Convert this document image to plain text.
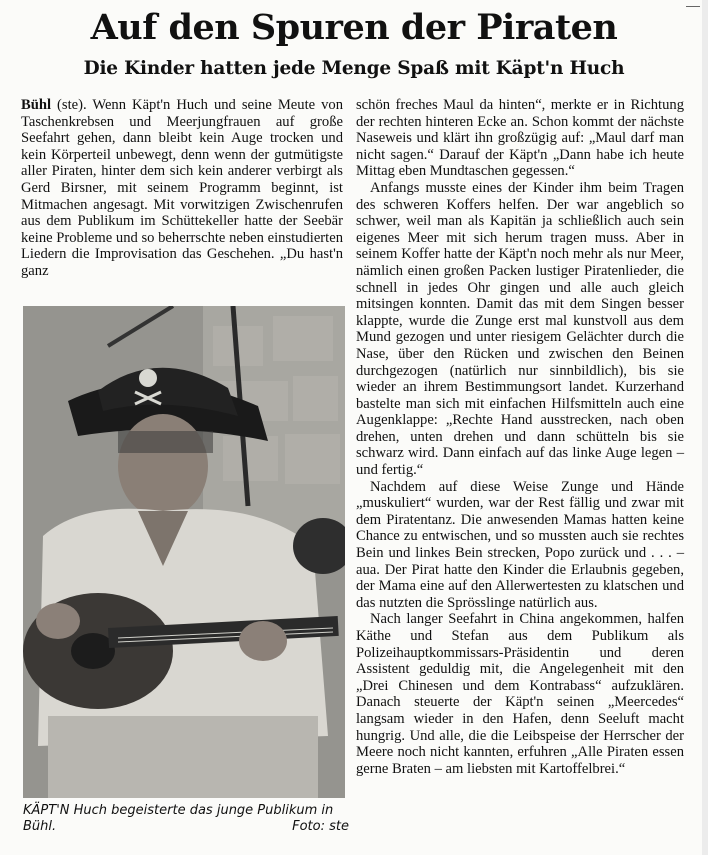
Auf den Spuren der Piraten
Die Kinder hatten jede Menge Spaß mit Käpt'n Huch

Bühl (ste). Wenn Käpt'n Huch und seine Meute von Taschenkrebsen und Meerjungfrauen auf große Seefahrt gehen, dann bleibt kein Auge trocken und kein Körperteil unbewegt, denn wenn der gutmütigste aller Piraten, hinter dem sich kein anderer verbirgt als Gerd Birsner, mit seinem Programm beginnt, ist Mitmachen angesagt. Mit vorwitzigen Zwischenrufen aus dem Publikum im Schüttekeller hatte der Seebär keine Probleme und so beherrschte neben einstudierten Liedern die Improvisation das Geschehen. „Du hast'n ganz

KÄPT'N Huch begeisterte das junge Publikum in
Bühl.	Foto: ste

schön freches Maul da hinten“, merkte er in Richtung der rechten hinteren Ecke an. Schon kommt der nächste Naseweis und klärt ihn großzügig auf: „Maul darf man nicht sagen.“ Darauf der Käpt'n „Dann habe ich heute Mittag eben Mundtaschen gegessen.“

Anfangs musste eines der Kinder ihm beim Tragen des schweren Koffers helfen. Der war angeblich so schwer, weil man als Kapitän ja schließlich auch sein eigenes Meer mit sich herum tragen muss. Aber in seinem Koffer hatte der Käpt'n noch mehr als nur Meer, nämlich einen großen Packen lustiger Piratenlieder, die schnell in jedes Ohr gingen und alle auch gleich mitsingen konnten. Damit das mit dem Singen besser klappte, wurde die Zunge erst mal kunstvoll aus dem Mund gezogen und unter riesigem Gelächter durch die Nase, über den Rücken und zwischen den Beinen durchgezogen (natürlich nur sinnbildlich), bis sie wieder an ihrem Bestimmungsort landet. Kurzerhand bastelte man sich mit einfachen Hilfsmitteln auch eine Augenklappe: „Rechte Hand ausstrecken, nach oben drehen, unten drehen und dann schütteln bis sie schwarz wird. Dann einfach auf das linke Auge legen – und fertig.“

Nachdem auf diese Weise Zunge und Hände „muskuliert“ wurden, war der Rest fällig und zwar mit dem Piratentanz. Die anwesenden Mamas hatten keine Chance zu entwischen, und so mussten auch sie rechtes Bein und linkes Bein strecken, Popo zurück und . . . – aua. Der Pirat hatte den Kinder die Erlaubnis gegeben, der Mama eine auf den Allerwertesten zu klatschen und das nutzten die Sprösslinge natürlich aus.

Nach langer Seefahrt in China angekommen, halfen Käthe und Stefan aus dem Publikum als Polizeihauptkommissars-Präsidentin und deren Assistent geduldig mit, die Angelegenheit mit den „Drei Chinesen und dem Kontrabass“ aufzuklären. Danach steuerte der Käpt'n seinen „Meercedes“ langsam wieder in den Hafen, denn Seeluft macht hungrig. Und alle, die die Leibspeise der Herrscher der Meere noch nicht kannten, erfuhren „Alle Piraten essen gerne Braten – am liebsten mit Kartoffelbrei.“
